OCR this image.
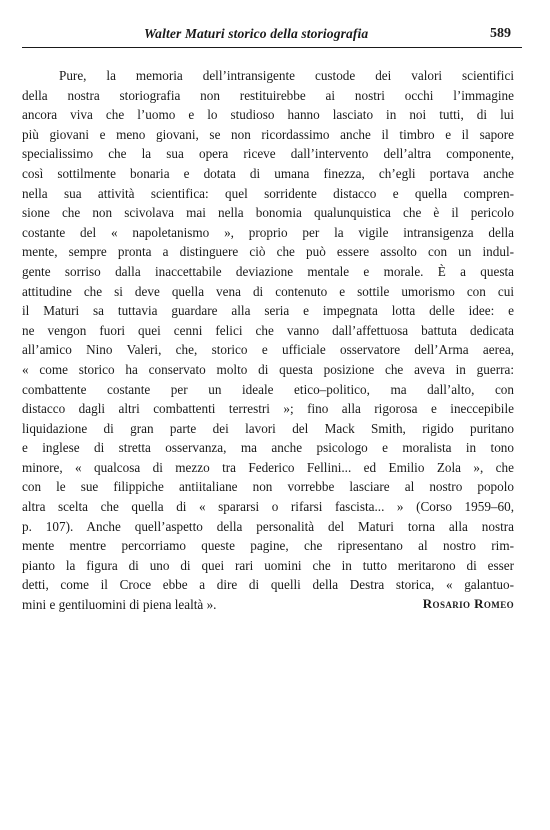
Walter Maturi storico della storiografia	589
Pure, la memoria dell’intransigente custode dei valori scientifici
della nostra storiografia non restituirebbe ai nostri occhi l’immagine
ancora viva che l’uomo e lo studioso hanno lasciato in noi tutti, di lui
più giovani e meno giovani, se non ricordassimo anche il timbro e il sapore
specialissimo che la sua opera riceve dall’intervento dell’altra componente,
così sottilmente bonaria e dotata di umana finezza, ch’egli portava anche
nella sua attività scientifica: quel sorridente distacco e quella compren-
sione che non scivolava mai nella bonomia qualunquistica che è il pericolo
costante del « napoletanismo », proprio per la vigile intransigenza della
mente, sempre pronta a distinguere ciò che può essere assolto con un indul-
gente sorriso dalla inaccettabile deviazione mentale e morale. È a questa
attitudine che si deve quella vena di contenuto e sottile umorismo con cui
il Maturi sa tuttavia guardare alla seria e impegnata lotta delle idee: e
ne vengon fuori quei cenni felici che vanno dall’affettuosa battuta dedicata
all’amico Nino Valeri, che, storico e ufficiale osservatore dell’Arma aerea,
« come storico ha conservato molto di questa posizione che aveva in guerra:
combattente costante per un ideale etico–politico, ma dall’alto, con
distacco dagli altri combattenti terrestri »; fino alla rigorosa e ineccepibile
liquidazione di gran parte dei lavori del Mack Smith, rigido puritano
e inglese di stretta osservanza, ma anche psicologo e moralista in tono
minore, « qualcosa di mezzo tra Federico Fellini... ed Emilio Zola », che
con le sue filippiche antiitaliane non vorrebbe lasciare al nostro popolo
altra scelta che quella di « spararsi o rifarsi fascista... » (Corso 1959–60,
p. 107). Anche quell’aspetto della personalità del Maturi torna alla nostra
mente mentre percorriamo queste pagine, che ripresentano al nostro rim-
pianto la figura di uno di quei rari uomini che in tutto meritarono di esser
detti, come il Croce ebbe a dire di quelli della Destra storica, « galantuo-
mini e gentiluomini di piena lealtà ».	Rosario Romeo
